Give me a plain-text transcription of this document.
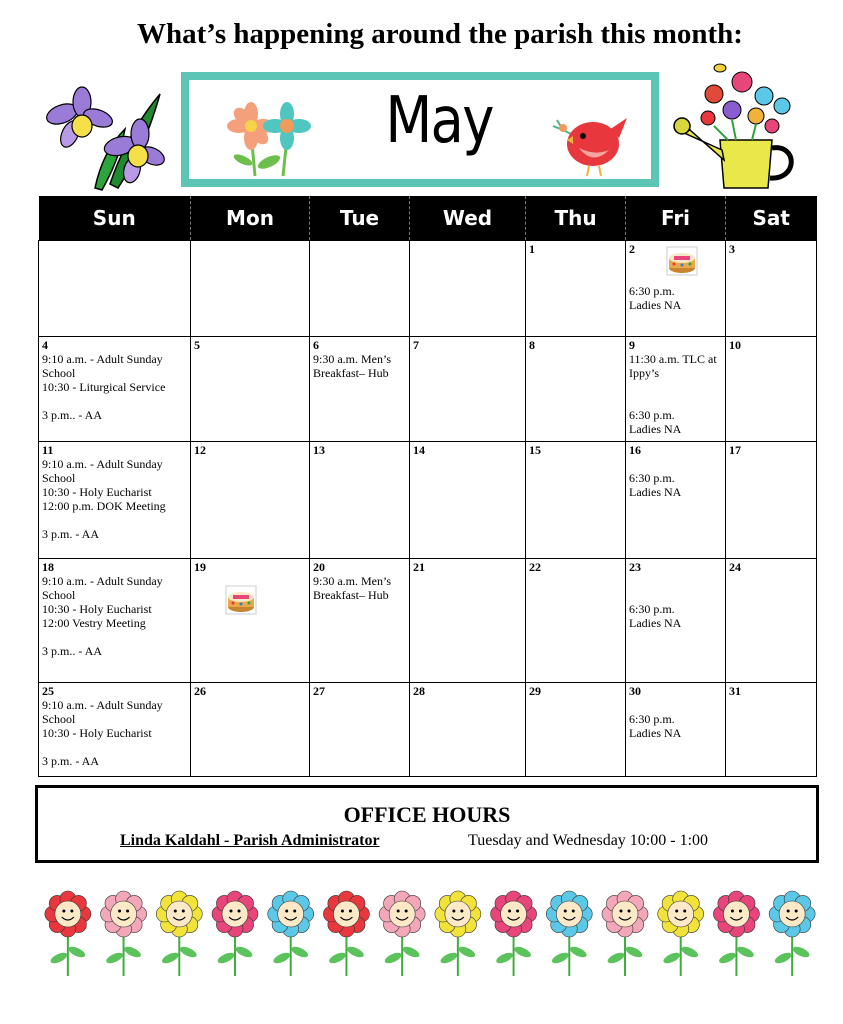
What’s happening around the parish this month:
May
Sun	Mon	Tue	Wed	Thu	Fri	Sat

				1	2

6:30 p.m.
Ladies NA	3

4
9:10 a.m. - Adult Sunday School
10:30 - Liturgical Service

3 p.m.. - AA	5	6
9:30 a.m. Men’s Breakfast– Hub	7	8	9
11:30 a.m. TLC at Ippy’s

6:30 p.m.
Ladies NA	10

11
9:10 a.m. - Adult Sunday School
10:30 - Holy Eucharist
12:00 p.m. DOK Meeting

3 p.m. - AA	12	13	14	15	16

6:30 p.m.
Ladies NA	17

18
9:10 a.m. - Adult Sunday School
10:30 - Holy Eucharist
12:00 Vestry Meeting

3 p.m.. - AA	19	20
9:30 a.m. Men’s Breakfast– Hub	21	22	23

6:30 p.m.
Ladies NA	24

25
9:10 a.m. - Adult Sunday School
10:30 - Holy Eucharist

3 p.m. - AA	26	27	28	29	30

6:30 p.m.
Ladies NA	31
OFFICE HOURS
Linda Kaldahl - Parish Administrator	Tuesday and Wednesday 10:00 - 1:00
